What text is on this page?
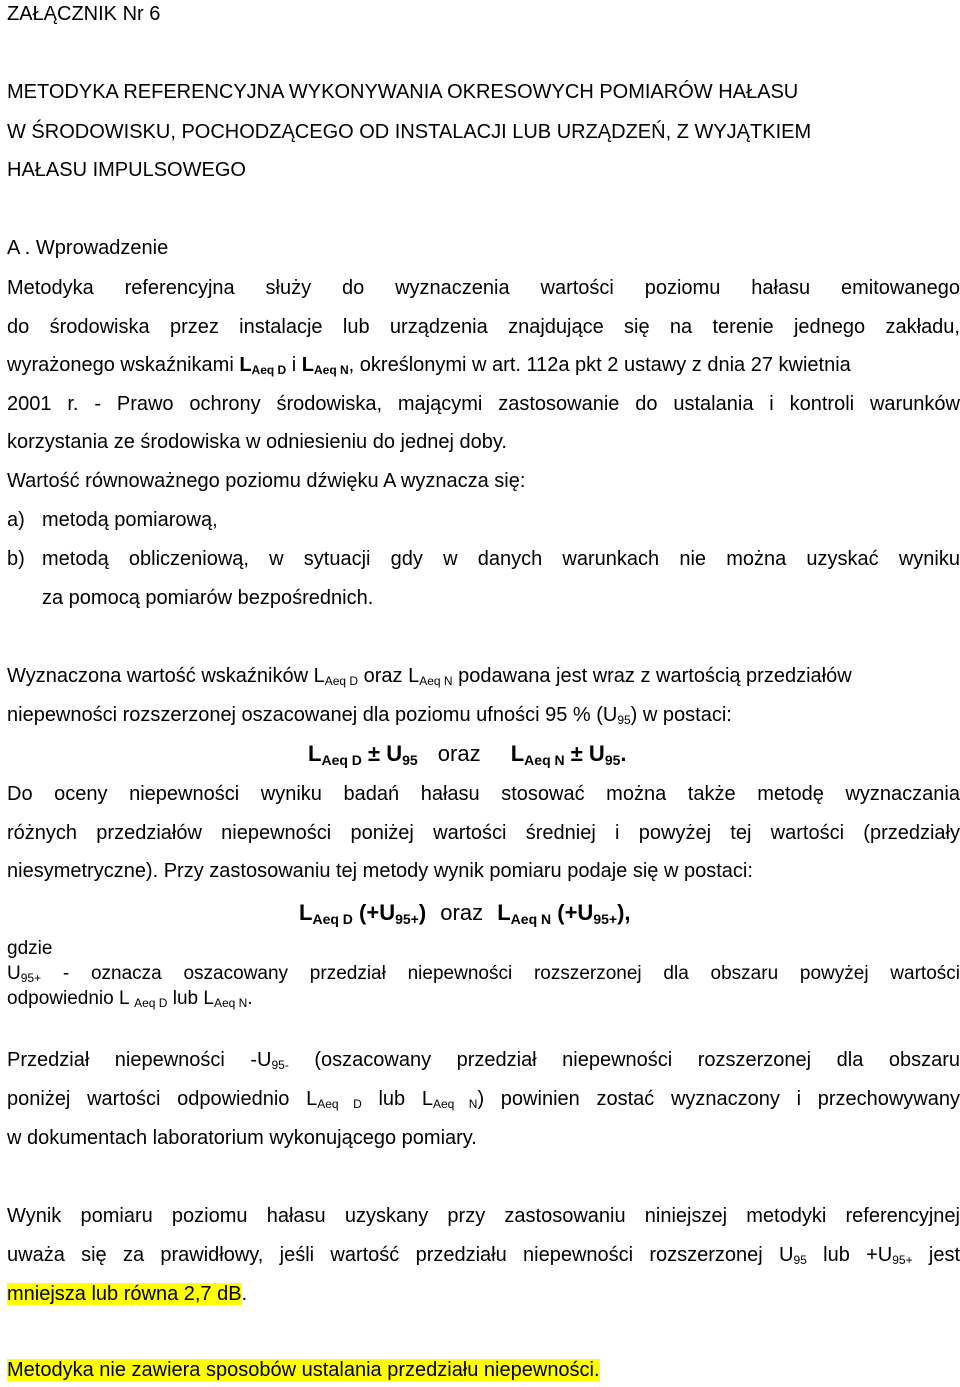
ZAŁĄCZNIK Nr 6

METODYKA REFERENCYJNA WYKONYWANIA OKRESOWYCH POMIARÓW HAŁASU

W ŚRODOWISKU, POCHODZĄCEGO OD INSTALACJI LUB URZĄDZEŃ, Z WYJĄTKIEM

HAŁASU IMPULSOWEGO

A . Wprowadzenie

Metodyka referencyjna służy do wyznaczenia wartości poziomu hałasu emitowanego

do środowiska przez instalacje lub urządzenia znajdujące się na terenie jednego zakładu,

wyrażonego wskaźnikami $L_{Aeq D}$ i $L_{Aeq N}$, określonymi w art. 112a pkt 2 ustawy z dnia 27 kwietnia

2001 r. - Prawo ochrony środowiska, mającymi zastosowanie do ustalania i kontroli warunków

korzystania ze środowiska w odniesieniu do jednej doby.

Wartość równoważnego poziomu dźwięku A wyznacza się:

a) metodą pomiarową,

b) metodą obliczeniową, w sytuacji gdy w danych warunkach nie można uzyskać wyniku

za pomocą pomiarów bezpośrednich.

Wyznaczona wartość wskaźników $L_{Aeq D}$ oraz $L_{Aeq N}$ podawana jest wraz z wartością przedziałów

niepewności rozszerzonej oszacowanej dla poziomu ufności 95 % $(U_{95})$ w postaci:

$L_{Aeq D} \pm U_{95}$ oraz $L_{Aeq N} \pm U_{95}$.

Do oceny niepewności wyniku badań hałasu stosować można także metodę wyznaczania

różnych przedziałów niepewności poniżej wartości średniej i powyżej tej wartości (przedziały

niesymetryczne). Przy zastosowaniu tej metody wynik pomiaru podaje się w postaci:

$L_{Aeq D}$ $(+U_{95+})$ oraz $L_{Aeq N}$ $(+U_{95+})$,

gdzie

$U_{95+}$ - oznacza oszacowany przedział niepewności rozszerzonej dla obszaru powyżej wartości

odpowiednio L $_{Aeq D}$ lub $L_{Aeq N}$.

Przedział niepewności $-U_{95-}$ (oszacowany przedział niepewności rozszerzonej dla obszaru

poniżej wartości odpowiednio $L_{Aeq D}$ lub $L_{Aeq N}$) powinien zostać wyznaczony i przechowywany

w dokumentach laboratorium wykonującego pomiary.

Wynik pomiaru poziomu hałasu uzyskany przy zastosowaniu niniejszej metodyki referencyjnej

uważa się za prawidłowy, jeśli wartość przedziału niepewności rozszerzonej $U_{95}$ lub $+U_{95+}$ jest

mniejsza lub równa 2,7 dB.

Metodyka nie zawiera sposobów ustalania przedziału niepewności.
